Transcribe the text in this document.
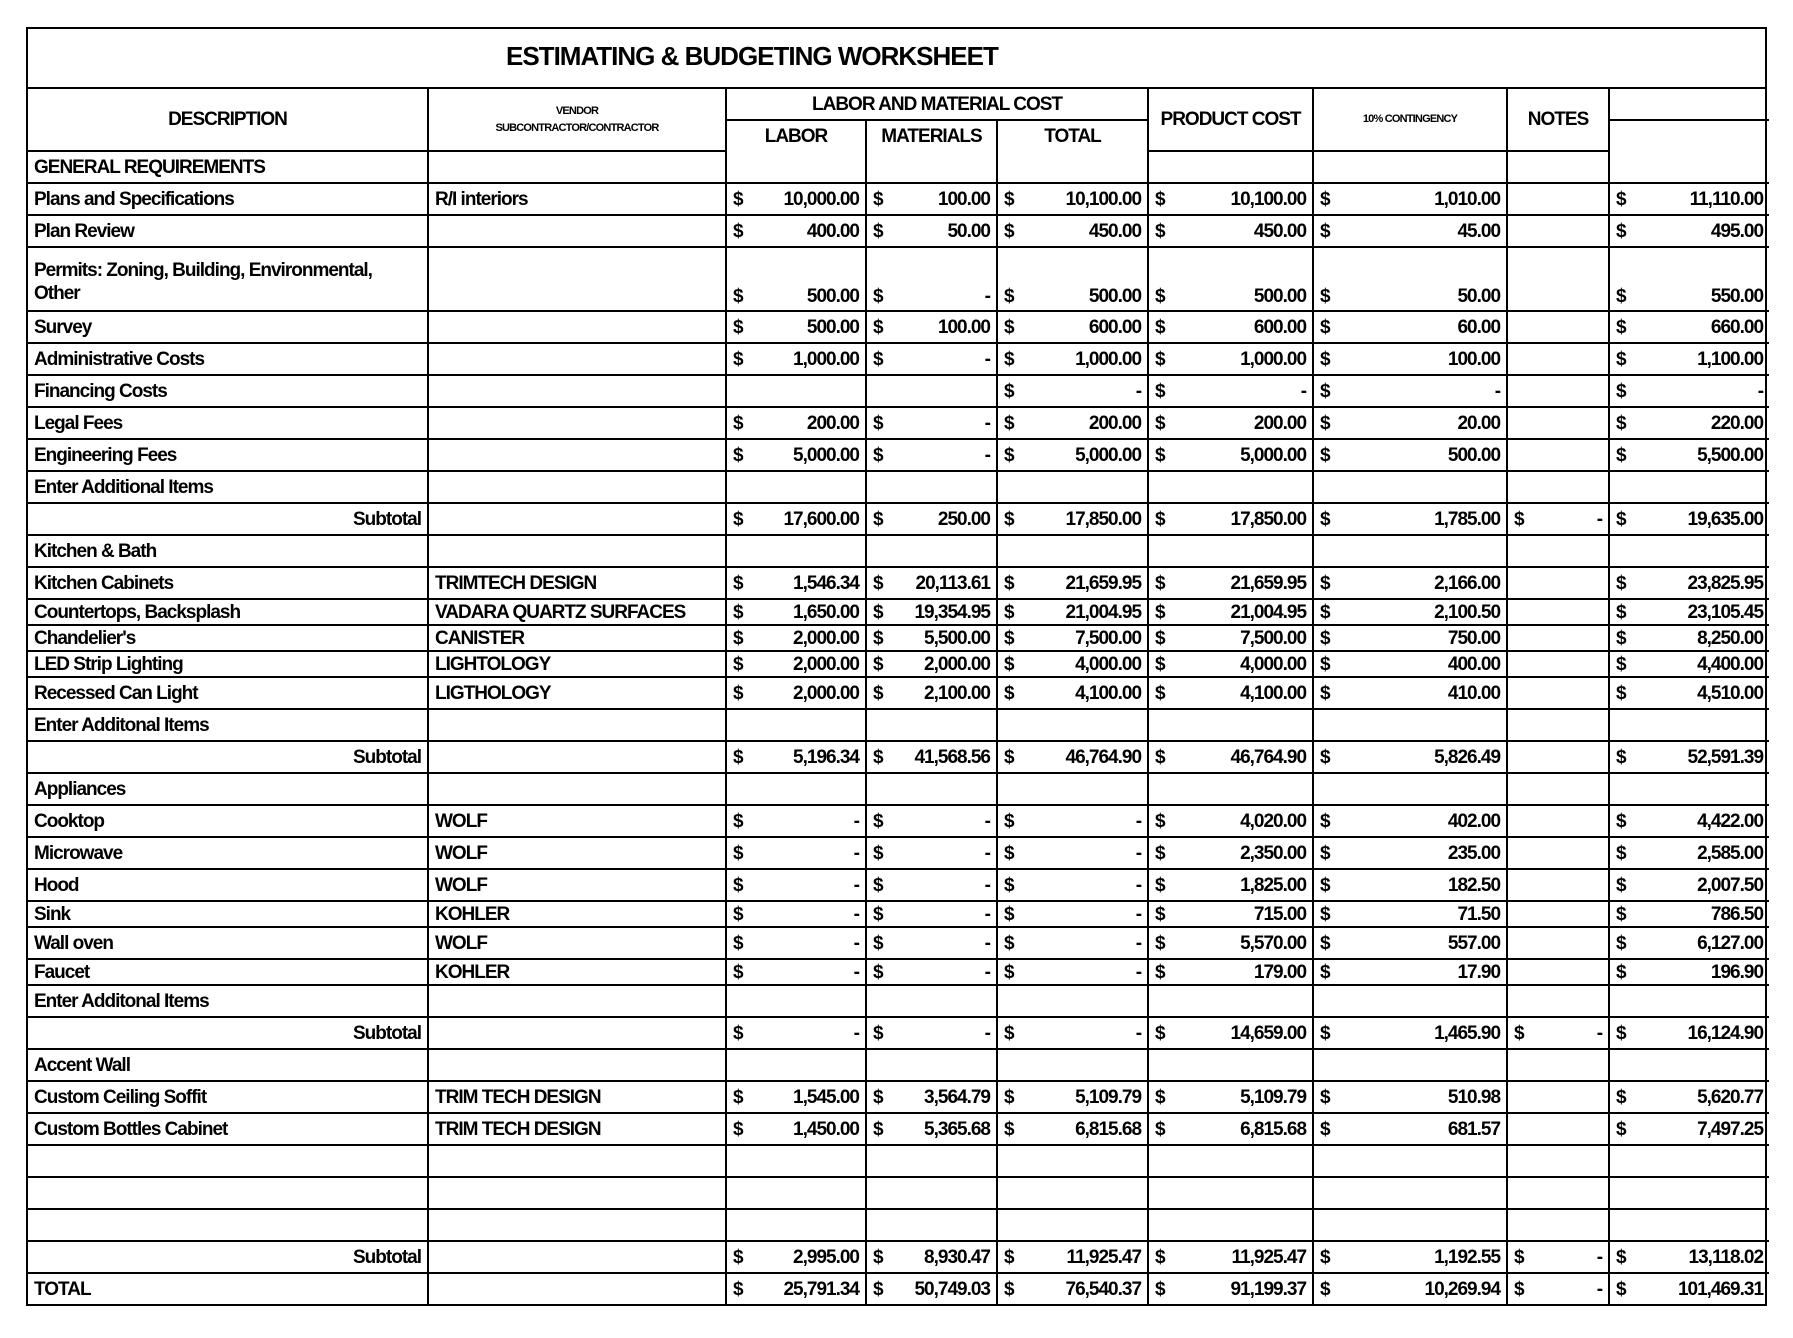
ESTIMATING & BUDGETING WORKSHEET
DESCRIPTION	VENDOR
SUBCONTRACTOR/CONTRACTOR	LABOR AND MATERIAL COST			PRODUCT COST	10% CONTINGENCY	NOTES	
		LABOR	MATERIALS	TOTAL				
GENERAL REQUIREMENTS								
Plans and Specifications	R/I interiors	$ 10,000.00	$ 100.00	$ 10,100.00	$ 10,100.00	$ 1,010.00		$ 11,110.00

Plan Review		$ 400.00	$ 50.00	$ 450.00	$ 450.00	$ 45.00		$ 495.00

Permits: Zoning, Building, Environmental, Other		$ 500.00	$ -	$ 500.00	$ 500.00	$ 50.00		$ 550.00

Survey		$ 500.00	$ 100.00	$ 600.00	$ 600.00	$ 60.00		$ 660.00

Administrative Costs		$ 1,000.00	$ -	$ 1,000.00	$ 1,000.00	$ 100.00		$ 1,100.00

Financing Costs				$ -	$ -	$ -		$ -

Legal Fees		$ 200.00	$ -	$ 200.00	$ 200.00	$ 20.00		$ 220.00

Engineering Fees		$ 5,000.00	$ -	$ 5,000.00	$ 5,000.00	$ 500.00		$ 5,500.00

Enter Additional Items								
Subtotal		$ 17,600.00	$ 250.00	$ 17,850.00	$ 17,850.00	$ 1,785.00	$ -	$ 19,635.00

Kitchen & Bath								
Kitchen Cabinets	TRIMTECH DESIGN	$ 1,546.34	$ 20,113.61	$ 21,659.95	$ 21,659.95	$ 2,166.00		$ 23,825.95

Countertops, Backsplash	VADARA QUARTZ SURFACES	$ 1,650.00	$ 19,354.95	$ 21,004.95	$ 21,004.95	$ 2,100.50		$ 23,105.45

Chandelier's	CANISTER	$ 2,000.00	$ 5,500.00	$ 7,500.00	$ 7,500.00	$ 750.00		$ 8,250.00

LED Strip Lighting	LIGHTOLOGY	$ 2,000.00	$ 2,000.00	$ 4,000.00	$ 4,000.00	$ 400.00		$ 4,400.00

Recessed Can Light	LIGTHOLOGY	$ 2,000.00	$ 2,100.00	$ 4,100.00	$ 4,100.00	$ 410.00		$ 4,510.00

Enter Additonal Items								
Subtotal		$ 5,196.34	$ 41,568.56	$ 46,764.90	$ 46,764.90	$ 5,826.49		$ 52,591.39

Appliances								
Cooktop	WOLF	$ -	$ -	$ -	$ 4,020.00	$ 402.00		$ 4,422.00

Microwave	WOLF	$ -	$ -	$ -	$ 2,350.00	$ 235.00		$ 2,585.00

Hood	WOLF	$ -	$ -	$ -	$ 1,825.00	$ 182.50		$ 2,007.50

Sink	KOHLER	$ -	$ -	$ -	$ 715.00	$ 71.50		$ 786.50

Wall oven	WOLF	$ -	$ -	$ -	$ 5,570.00	$ 557.00		$ 6,127.00

Faucet	KOHLER	$ -	$ -	$ -	$ 179.00	$ 17.90		$ 196.90

Enter Additonal Items								
Subtotal		$ -	$ -	$ -	$ 14,659.00	$ 1,465.90	$ -	$ 16,124.90

Accent Wall								
Custom Ceiling Soffit	TRIM TECH DESIGN	$ 1,545.00	$ 3,564.79	$ 5,109.79	$ 5,109.79	$ 510.98		$ 5,620.77

Custom Bottles Cabinet	TRIM TECH DESIGN	$ 1,450.00	$ 5,365.68	$ 6,815.68	$ 6,815.68	$ 681.57		$ 7,497.25

Subtotal		$ 2,995.00	$ 8,930.47	$ 11,925.47	$ 11,925.47	$ 1,192.55	$ -	$ 13,118.02

TOTAL		$ 25,791.34	$ 50,749.03	$ 76,540.37	$ 91,199.37	$ 10,269.94	$ -	$ 101,469.31
